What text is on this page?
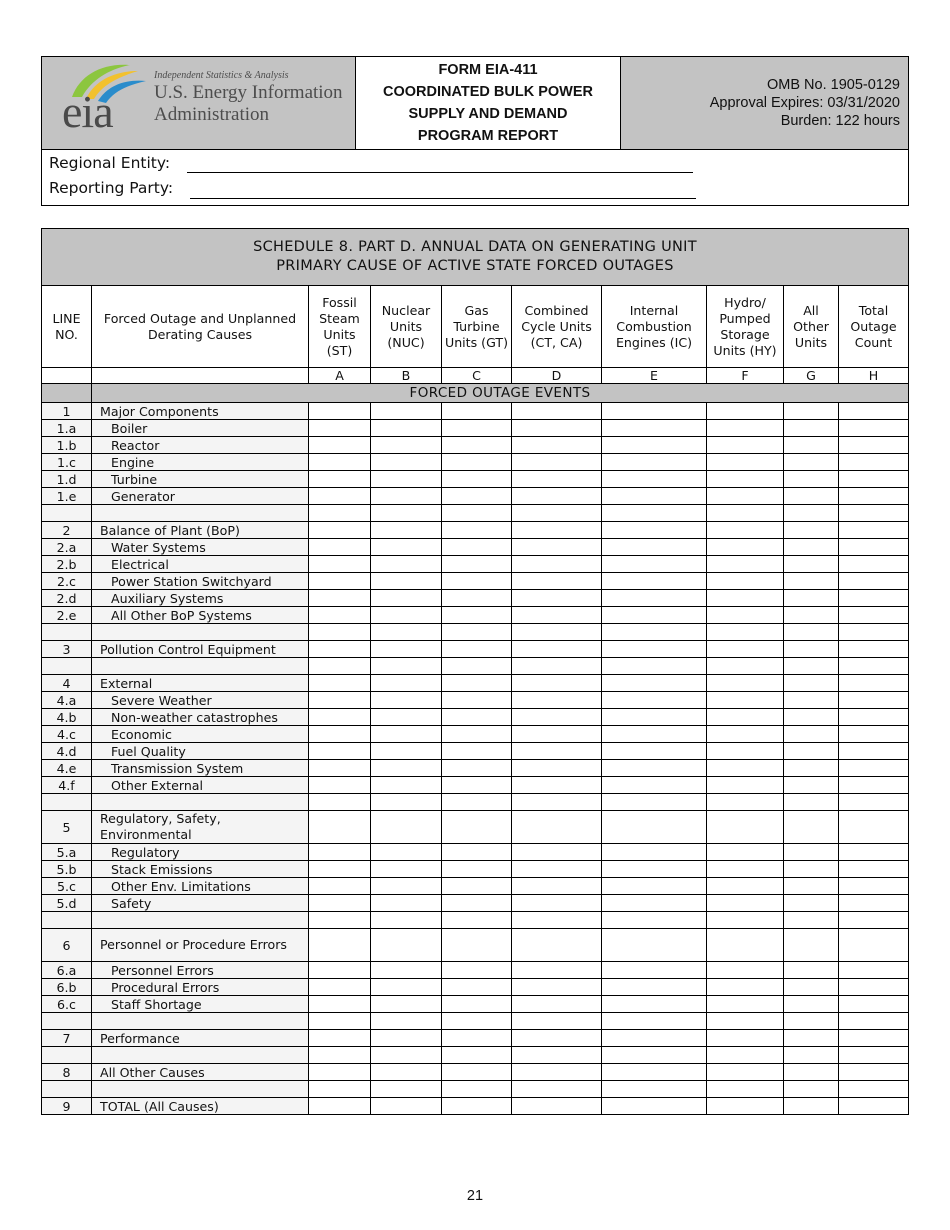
eia
Independent Statistics & Analysis
U.S. Energy Information
Administration
FORM EIA-411
COORDINATED BULK POWER
SUPPLY AND DEMAND
PROGRAM REPORT
OMB No. 1905-0129
Approval Expires: 03/31/2020
Burden: 122 hours
Regional Entity:
Reporting Party:
SCHEDULE 8. PART D. ANNUAL DATA ON GENERATING UNIT
PRIMARY CAUSE OF ACTIVE STATE FORCED OUTAGES									

LINE NO.	Forced Outage and Unplanned Derating Causes	Fossil Steam Units (ST)	Nuclear Units (NUC)	Gas Turbine Units (GT)	Combined Cycle Units (CT, CA)	Internal Combustion Engines (IC)	Hydro/ Pumped Storage Units (HY)	All Other Units	Total Outage Count
		A	B	C	D	E	F	G	H
	FORCED OUTAGE EVENTS								
1	Major Components								
1.a	Boiler								
1.b	Reactor								
1.c	Engine								
1.d	Turbine								
1.e	Generator								

2	Balance of Plant (BoP)								
2.a	Water Systems								
2.b	Electrical								
2.c	Power Station Switchyard								
2.d	Auxiliary Systems								
2.e	All Other BoP Systems								

3	Pollution Control Equipment								

4	External								
4.a	Severe Weather								
4.b	Non-weather catastrophes								
4.c	Economic								
4.d	Fuel Quality								
4.e	Transmission System								
4.f	Other External								

5	Regulatory, Safety, Environmental								
5.a	Regulatory								
5.b	Stack Emissions								
5.c	Other Env. Limitations								
5.d	Safety								

6	Personnel or Procedure Errors								
6.a	Personnel Errors								
6.b	Procedural Errors								
6.c	Staff Shortage								

7	Performance								

8	All Other Causes								

9	TOTAL (All Causes)								
21
